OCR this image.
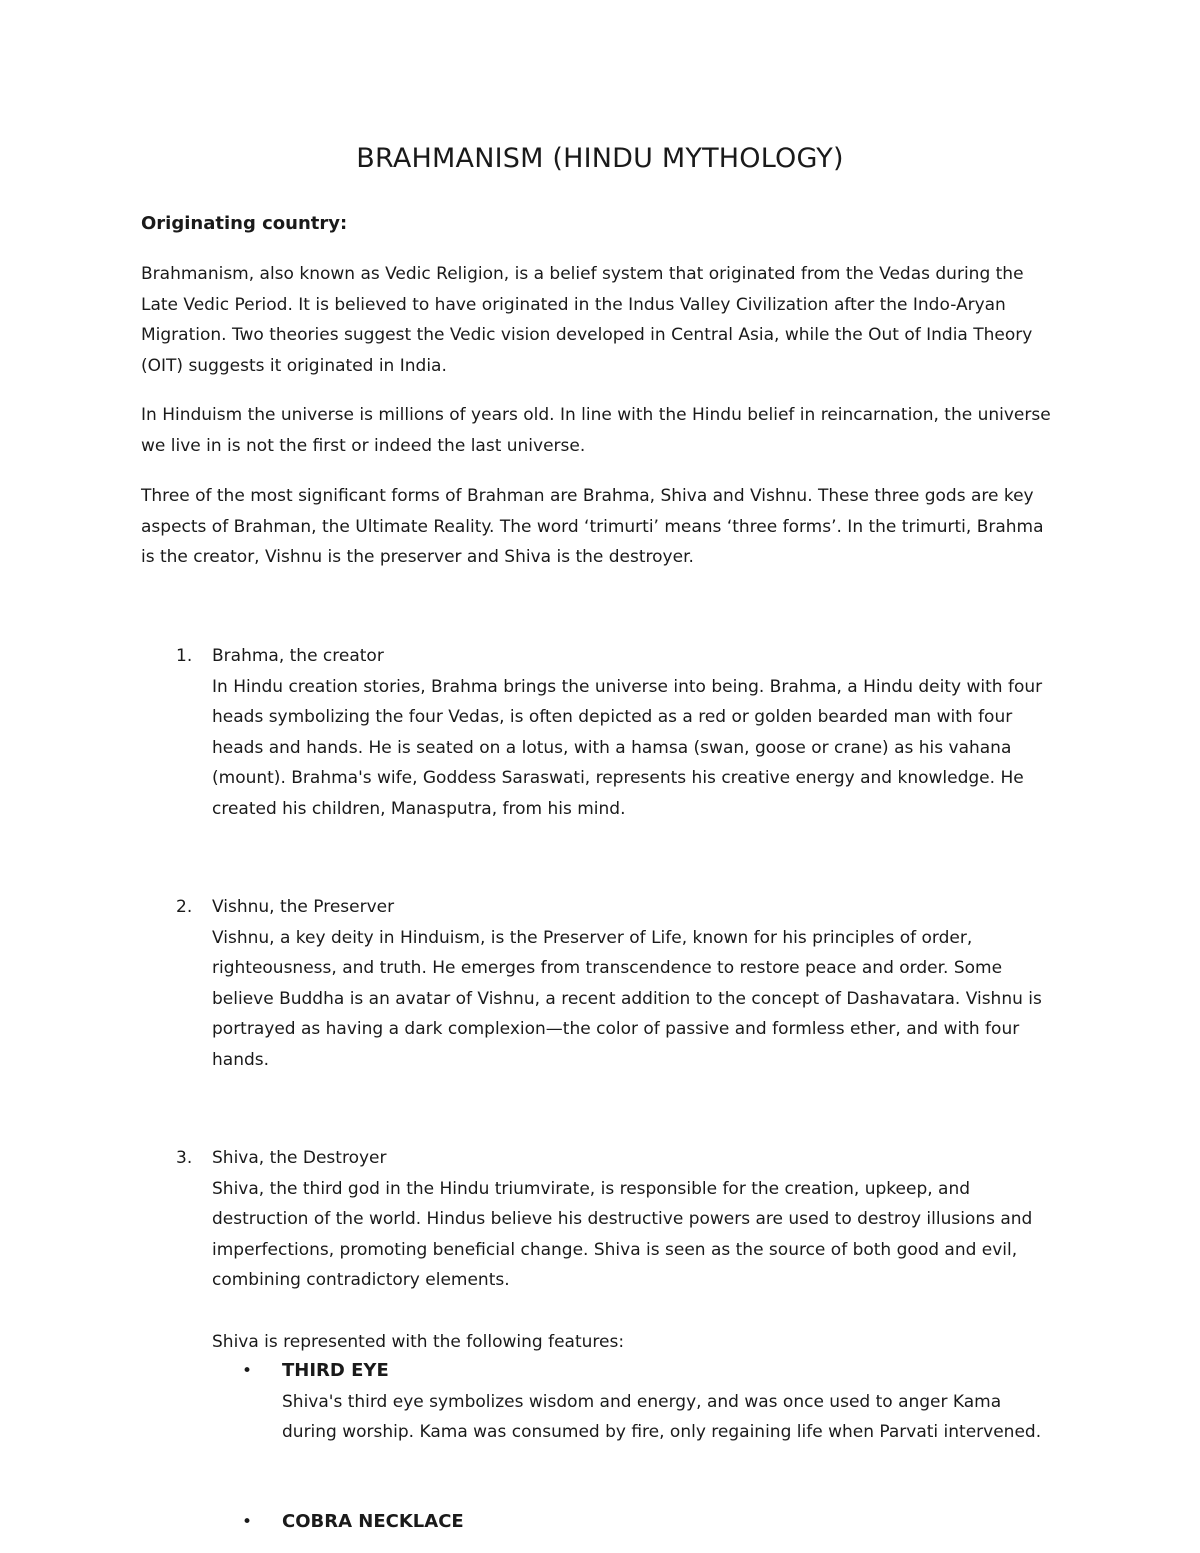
BRAHMANISM (HINDU MYTHOLOGY)
Originating country:
Brahmanism, also known as Vedic Religion, is a belief system that originated from the Vedas during the Late Vedic Period. It is believed to have originated in the Indus Valley Civilization after the Indo-Aryan Migration. Two theories suggest the Vedic vision developed in Central Asia, while the Out of India Theory (OIT) suggests it originated in India.
In Hinduism the universe is millions of years old. In line with the Hindu belief in reincarnation, the universe we live in is not the first or indeed the last universe.
Three of the most significant forms of Brahman are Brahma, Shiva and Vishnu. These three gods are key aspects of Brahman, the Ultimate Reality. The word ‘trimurti’ means ‘three forms’. In the trimurti, Brahma is the creator, Vishnu is the preserver and Shiva is the destroyer.
1. Brahma, the creator
In Hindu creation stories, Brahma brings the universe into being. Brahma, a Hindu deity with four heads symbolizing the four Vedas, is often depicted as a red or golden bearded man with four heads and hands. He is seated on a lotus, with a hamsa (swan, goose or crane) as his vahana (mount). Brahma's wife, Goddess Saraswati, represents his creative energy and knowledge. He created his children, Manasputra, from his mind.
2. Vishnu, the Preserver
Vishnu, a key deity in Hinduism, is the Preserver of Life, known for his principles of order, righteousness, and truth. He emerges from transcendence to restore peace and order. Some believe Buddha is an avatar of Vishnu, a recent addition to the concept of Dashavatara. Vishnu is portrayed as having a dark complexion—the color of passive and formless ether, and with four hands.
3. Shiva, the Destroyer
Shiva, the third god in the Hindu triumvirate, is responsible for the creation, upkeep, and destruction of the world. Hindus believe his destructive powers are used to destroy illusions and imperfections, promoting beneficial change. Shiva is seen as the source of both good and evil, combining contradictory elements.
Shiva is represented with the following features:
• THIRD EYE
Shiva's third eye symbolizes wisdom and energy, and was once used to anger Kama during worship. Kama was consumed by fire, only regaining life when Parvati intervened.
• COBRA NECKLACE
